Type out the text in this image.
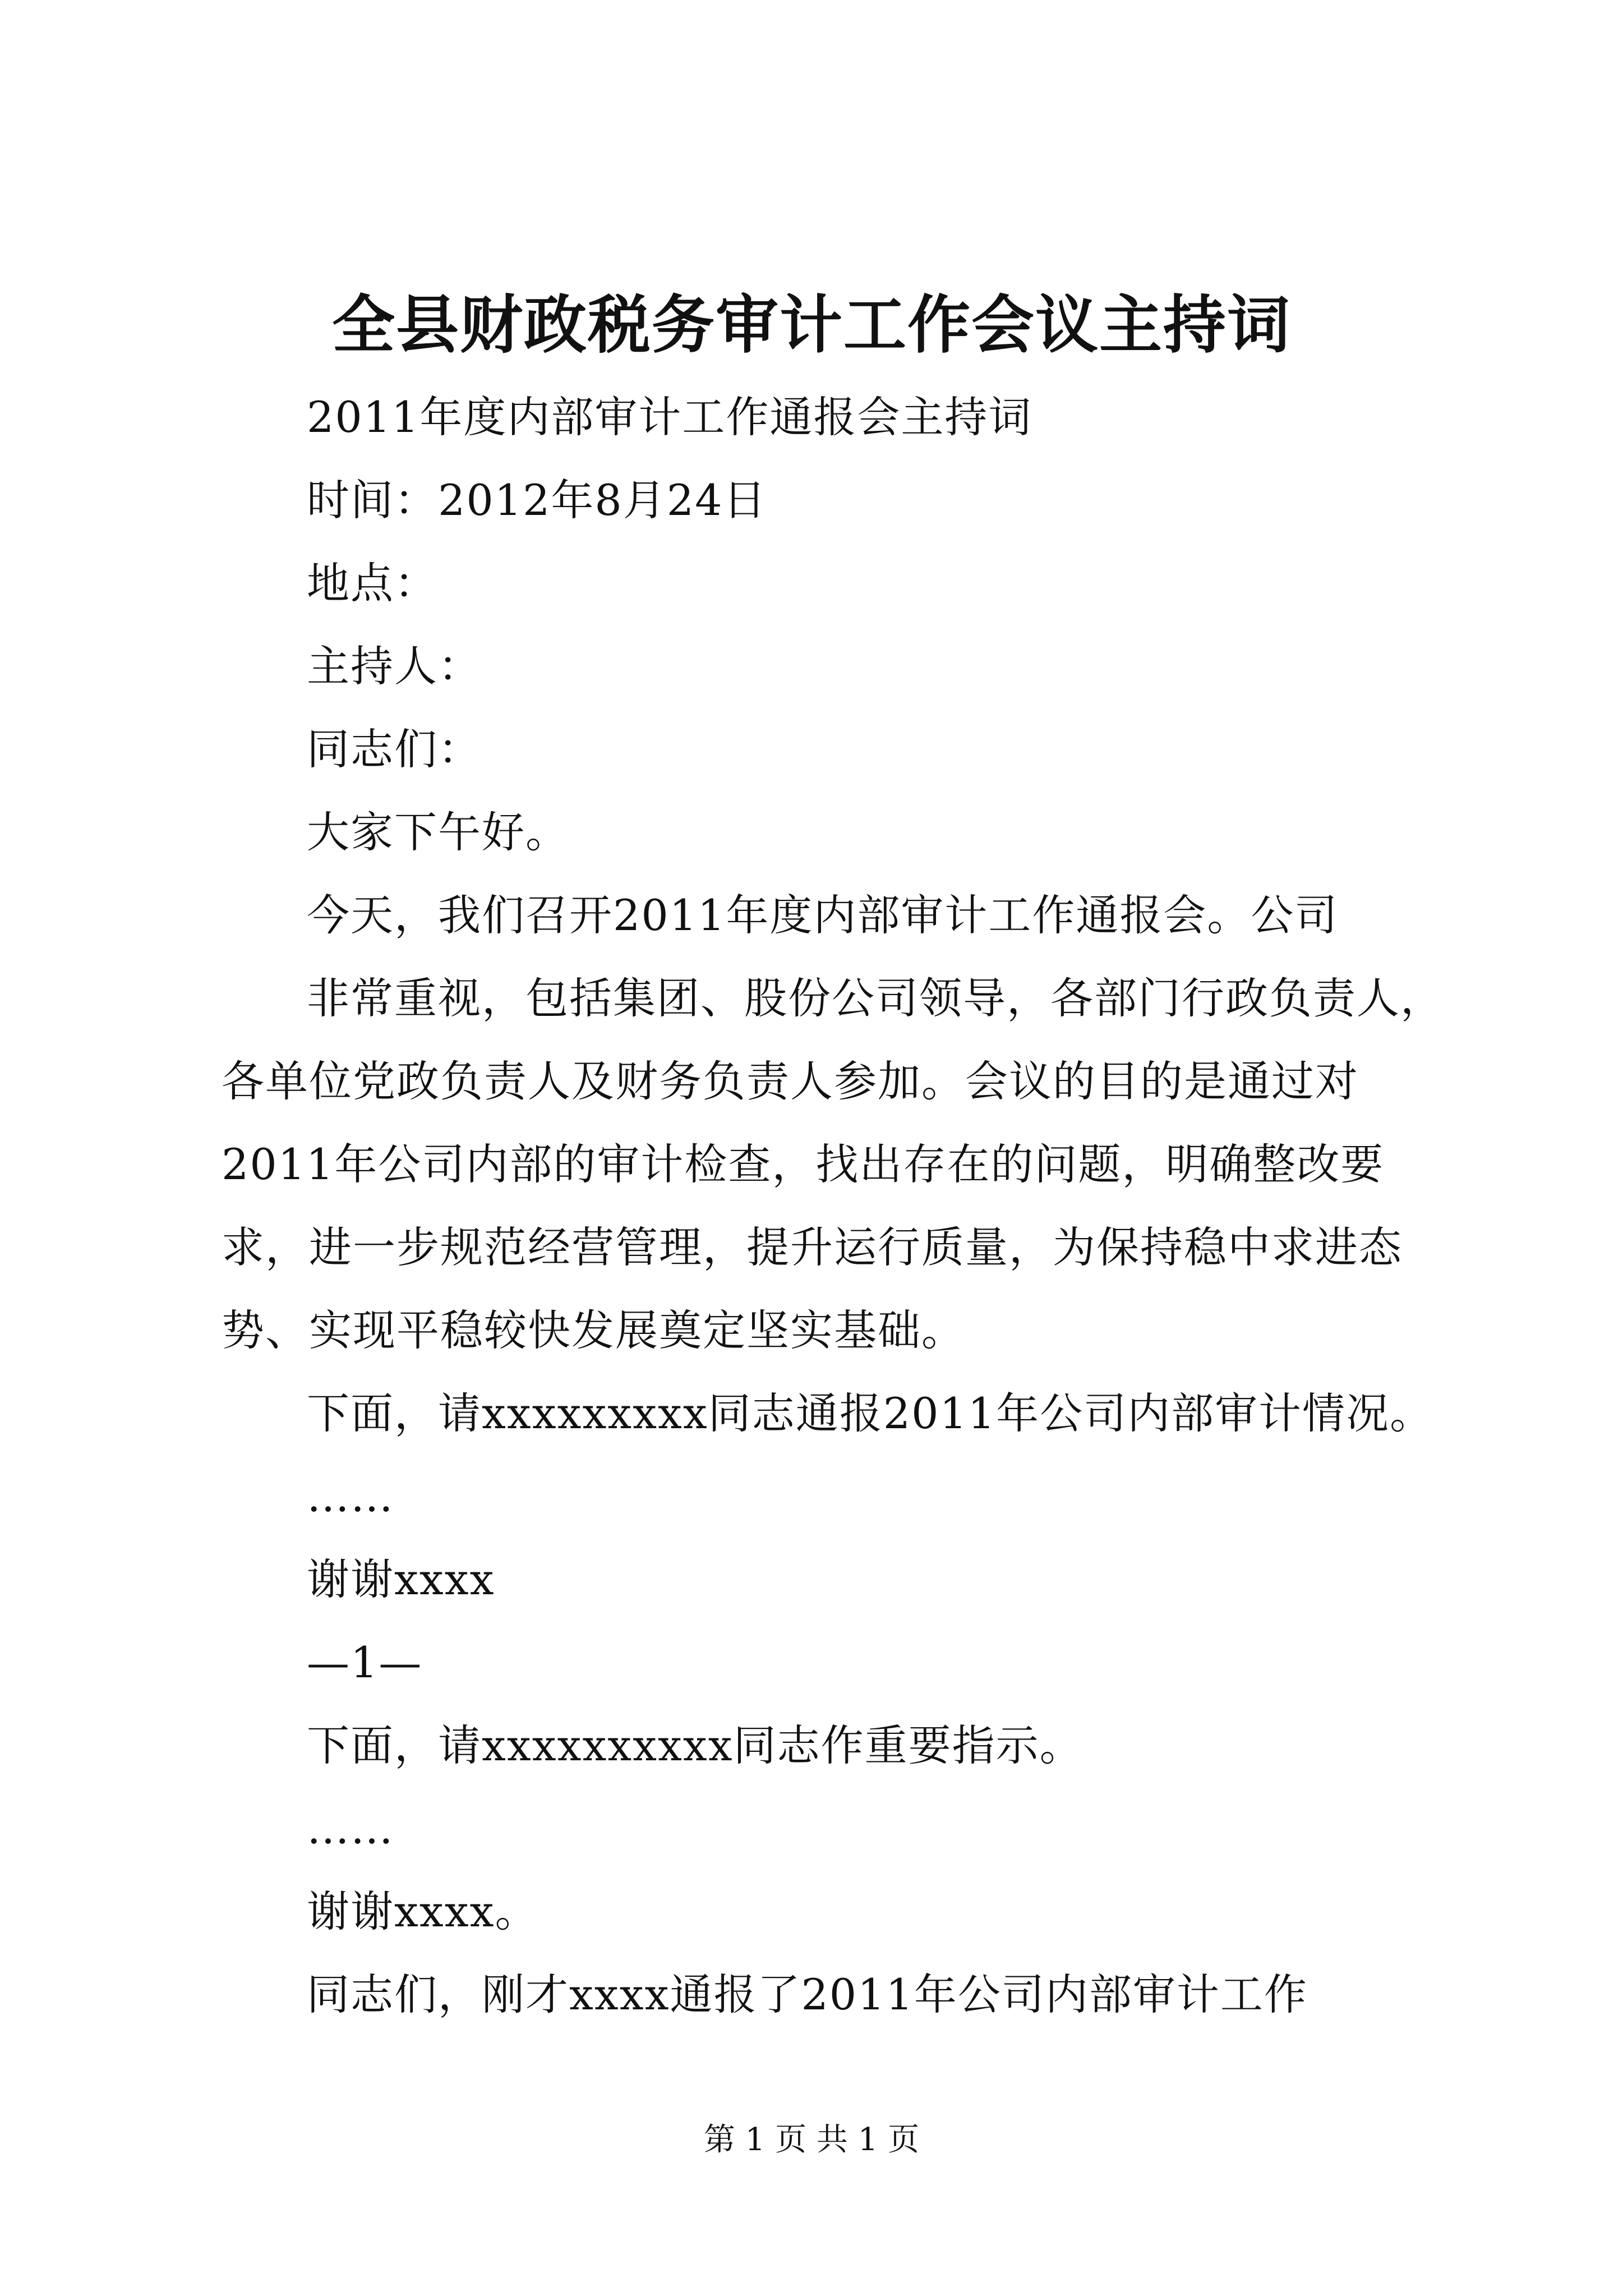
全县财政税务审计工作会议主持词

2011年度内部审计工作通报会主持词

时间：2012年8月24日

地点：

主持人：

同志们：

大家下午好。

今天，我们召开2011年度内部审计工作通报会。公司

非常重视，包括集团、股份公司领导，各部门行政负责人，各单位党政负责人及财务负责人参加。会议的目的是通过对2011年公司内部的审计检查，找出存在的问题，明确整改要求，进一步规范经营管理，提升运行质量，为保持稳中求进态势、实现平稳较快发展奠定坚实基础。

下面，请xxxxxxxxx同志通报2011年公司内部审计情况。

……

谢谢xxxx

—1—

下面，请xxxxxxxxxx同志作重要指示。

……

谢谢xxxx。

同志们，刚才xxxx通报了2011年公司内部审计工作

第 1 页 共 1 页
